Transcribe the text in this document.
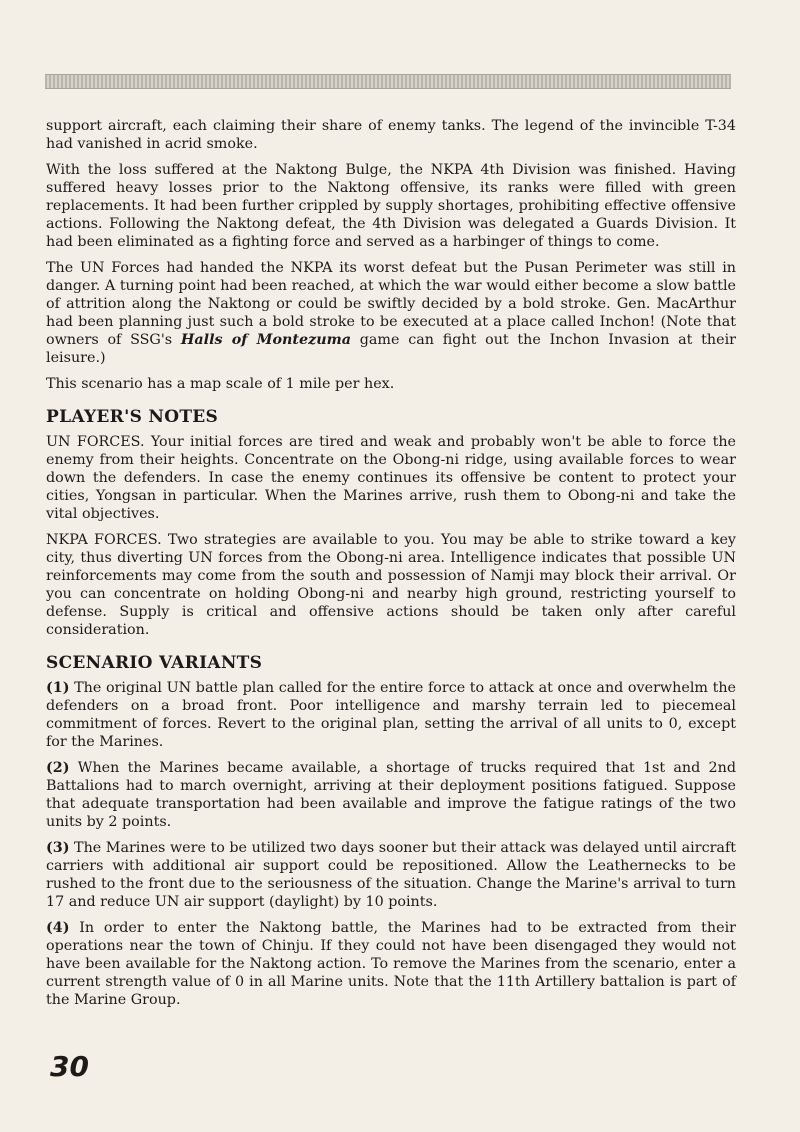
support aircraft, each claiming their share of enemy tanks. The legend of the invincible T-34 had vanished in acrid smoke.

With the loss suffered at the Naktong Bulge, the NKPA 4th Division was finished. Having suffered heavy losses prior to the Naktong offensive, its ranks were filled with green replacements. It had been further crippled by supply shortages, prohibiting effective offensive actions. Following the Naktong defeat, the 4th Division was delegated a Guards Division. It had been eliminated as a fighting force and served as a harbinger of things to come.

The UN Forces had handed the NKPA its worst defeat but the Pusan Perimeter was still in danger. A turning point had been reached, at which the war would either become a slow battle of attrition along the Naktong or could be swiftly decided by a bold stroke. Gen. MacArthur had been planning just such a bold stroke to be executed at a place called Inchon! (Note that owners of SSG's Halls of Montezuma game can fight out the Inchon Invasion at their leisure.)

This scenario has a map scale of 1 mile per hex.

PLAYER'S NOTES

UN FORCES. Your initial forces are tired and weak and probably won't be able to force the enemy from their heights. Concentrate on the Obong-ni ridge, using available forces to wear down the defenders. In case the enemy continues its offensive be content to protect your cities, Yongsan in particular. When the Marines arrive, rush them to Obong-ni and take the vital objectives.

NKPA FORCES. Two strategies are available to you. You may be able to strike toward a key city, thus diverting UN forces from the Obong-ni area. Intelligence indicates that possible UN reinforcements may come from the south and possession of Namji may block their arrival. Or you can concentrate on holding Obong-ni and nearby high ground, restricting yourself to defense. Supply is critical and offensive actions should be taken only after careful consideration.

SCENARIO VARIANTS

(1) The original UN battle plan called for the entire force to attack at once and overwhelm the defenders on a broad front. Poor intelligence and marshy terrain led to piecemeal commitment of forces. Revert to the original plan, setting the arrival of all units to 0, except for the Marines.

(2) When the Marines became available, a shortage of trucks required that 1st and 2nd Battalions had to march overnight, arriving at their deployment positions fatigued. Suppose that adequate transportation had been available and improve the fatigue ratings of the two units by 2 points.

(3) The Marines were to be utilized two days sooner but their attack was delayed until aircraft carriers with additional air support could be repositioned. Allow the Leathernecks to be rushed to the front due to the seriousness of the situation. Change the Marine's arrival to turn 17 and reduce UN air support (daylight) by 10 points.

(4) In order to enter the Naktong battle, the Marines had to be extracted from their operations near the town of Chinju. If they could not have been disengaged they would not have been available for the Naktong action. To remove the Marines from the scenario, enter a current strength value of 0 in all Marine units. Note that the 11th Artillery battalion is part of the Marine Group.

30
